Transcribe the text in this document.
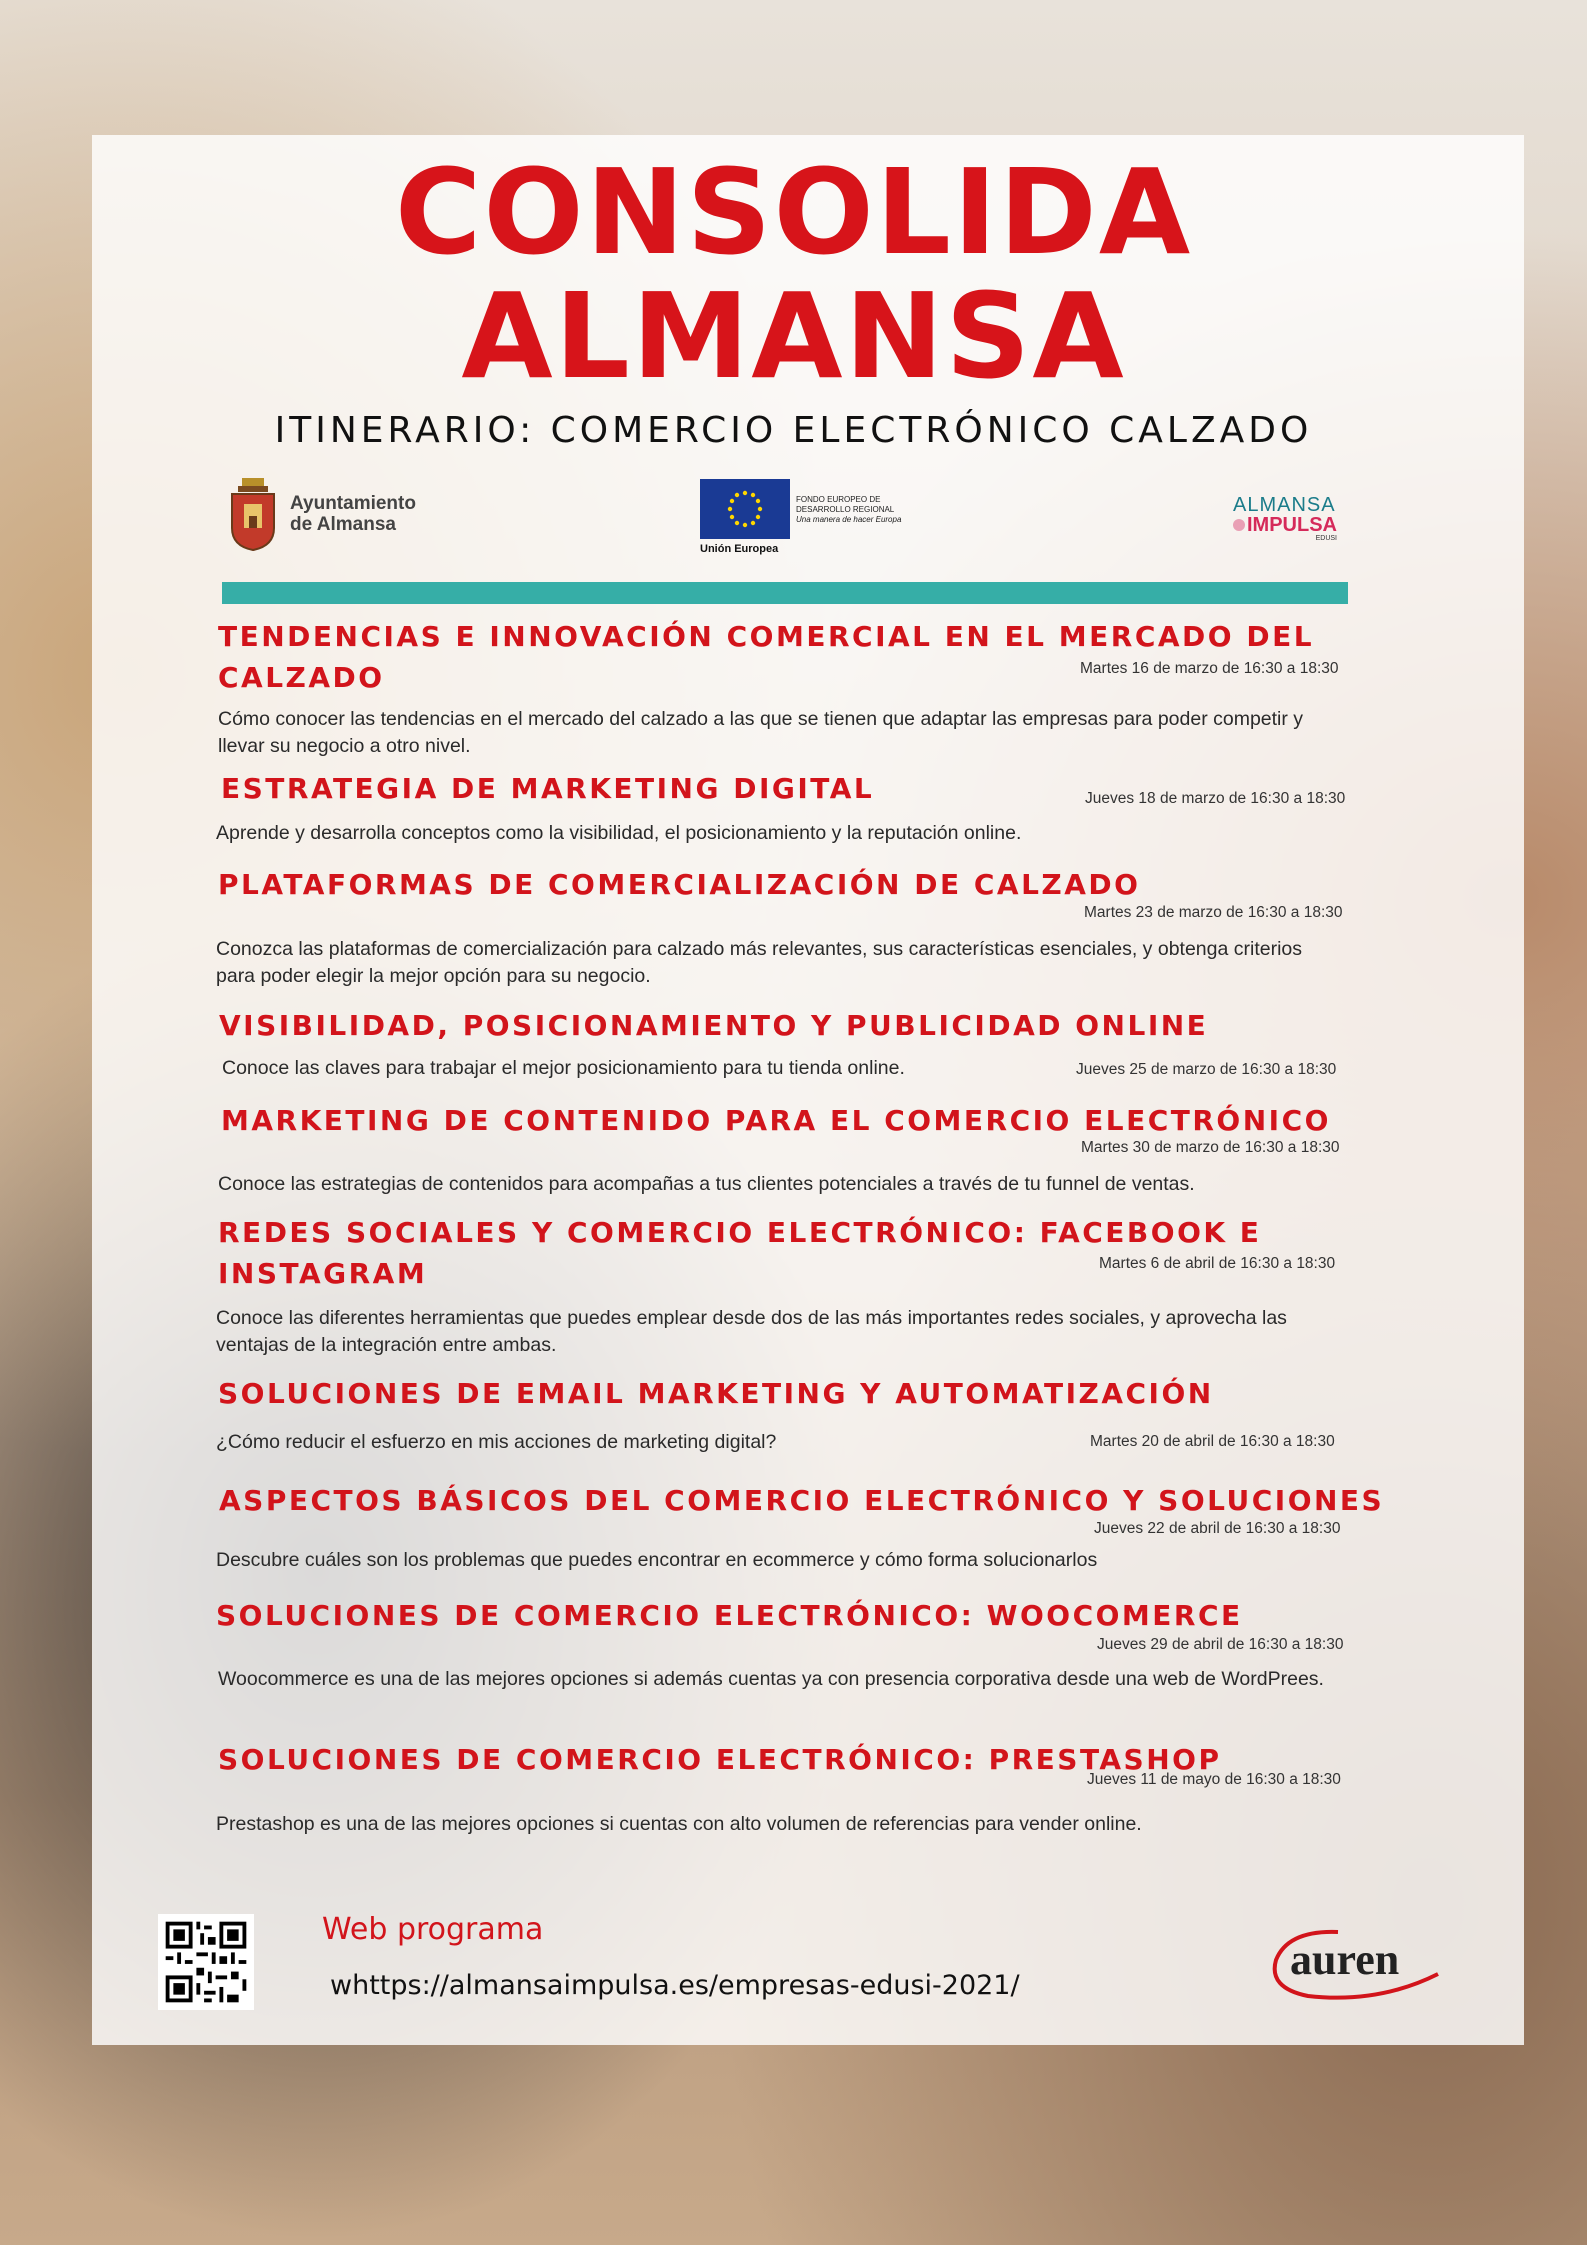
CONSOLIDA
ALMANSA
ITINERARIO: COMERCIO ELECTRÓNICO CALZADO
Ayuntamiento
de Almansa
Unión Europea
FONDO EUROPEO DE
DESARROLLO REGIONAL
Una manera de hacer Europa
ALMANSA
IMPULSA
EDUSI
TENDENCIAS E INNOVACIÓN COMERCIAL EN EL MERCADO DEL
CALZADO	Martes 16 de marzo de 16:30 a 18:30
Cómo conocer las tendencias en el mercado del calzado a las que se tienen que adaptar las empresas para poder competir y llevar su negocio a otro nivel.
ESTRATEGIA DE MARKETING DIGITAL	Jueves 18 de marzo de 16:30 a 18:30
Aprende y desarrolla conceptos como la visibilidad, el posicionamiento y la reputación online.
PLATAFORMAS DE COMERCIALIZACIÓN DE CALZADO
Martes 23 de marzo de 16:30 a 18:30
Conozca las plataformas de comercialización para calzado más relevantes, sus características esenciales, y obtenga criterios para poder elegir la mejor opción para su negocio.
VISIBILIDAD, POSICIONAMIENTO Y PUBLICIDAD ONLINE
Conoce las claves para trabajar el mejor posicionamiento para tu tienda online.	Jueves 25 de marzo de 16:30 a 18:30
MARKETING DE CONTENIDO PARA EL COMERCIO ELECTRÓNICO
Martes 30 de marzo de 16:30 a 18:30
Conoce las estrategias de contenidos para acompañas a tus clientes potenciales a través de tu funnel de ventas.
REDES SOCIALES Y COMERCIO ELECTRÓNICO: FACEBOOK E
INSTAGRAM	Martes 6 de abril de 16:30 a 18:30
Conoce las diferentes herramientas que puedes emplear desde dos de las más importantes redes sociales, y aprovecha las ventajas de la integración entre ambas.
SOLUCIONES DE EMAIL MARKETING Y AUTOMATIZACIÓN
¿Cómo reducir el esfuerzo en mis acciones de marketing digital?	Martes 20 de abril de 16:30 a 18:30
ASPECTOS BÁSICOS DEL COMERCIO ELECTRÓNICO Y SOLUCIONES
Jueves 22 de abril de 16:30 a 18:30
Descubre cuáles son los problemas que puedes encontrar en ecommerce y cómo forma solucionarlos
SOLUCIONES DE COMERCIO ELECTRÓNICO: WOOCOMERCE
Jueves 29 de abril de 16:30 a 18:30
Woocommerce es una de las mejores opciones si además cuentas ya con presencia corporativa desde una web de WordPrees.
SOLUCIONES DE COMERCIO ELECTRÓNICO: PRESTASHOP
Jueves 11 de mayo de 16:30 a 18:30
Prestashop es una de las mejores opciones si cuentas con alto volumen de referencias para vender online.
Web programa
whttps://almansaimpulsa.es/empresas-edusi-2021/
auren
